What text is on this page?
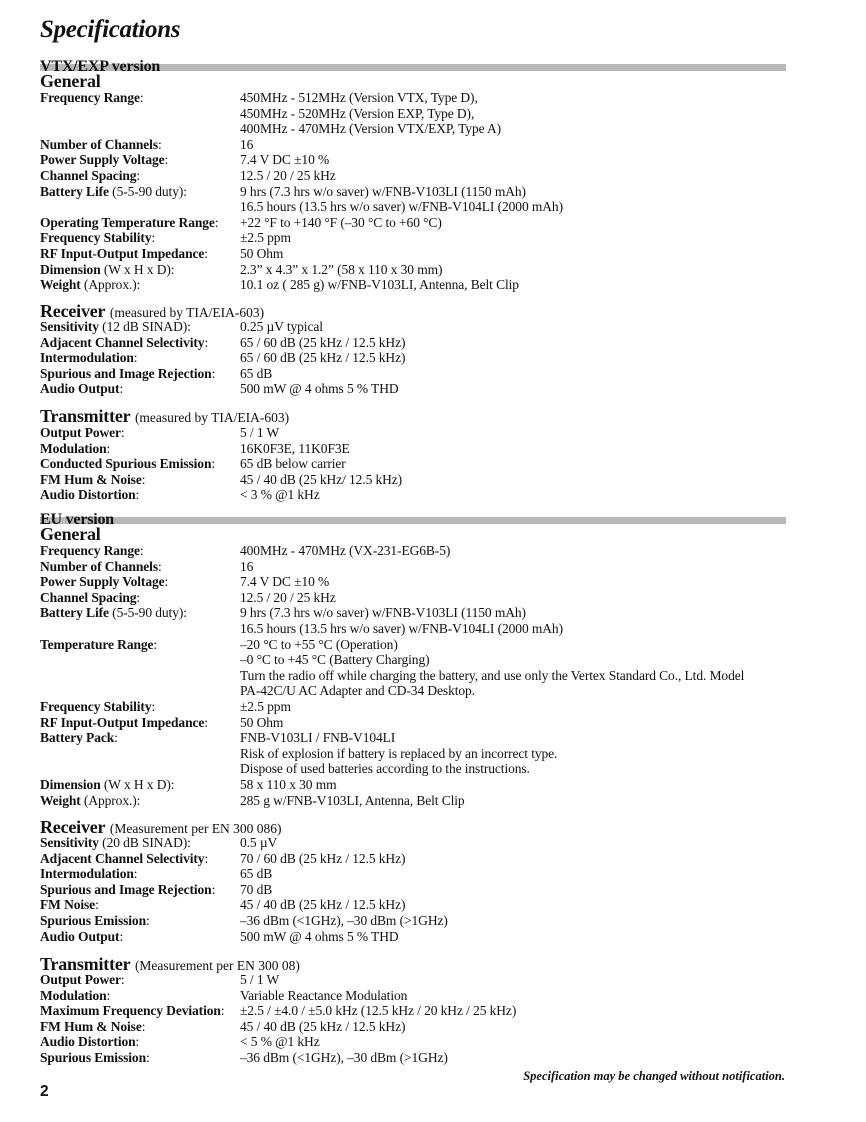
Specifications
VTX/EXP version
General
Frequency Range:	450MHz - 512MHz (Version VTX, Type D),
450MHz - 520MHz (Version EXP, Type D),
400MHz - 470MHz (Version VTX/EXP, Type A)
Number of Channels:	16
Power Supply Voltage:	7.4 V DC ±10 %
Channel Spacing:	12.5 / 20 / 25 kHz
Battery Life (5-5-90 duty):	9 hrs (7.3 hrs w/o saver) w/FNB-V103LI (1150 mAh)
16.5 hours (13.5 hrs w/o saver) w/FNB-V104LI (2000 mAh)
Operating Temperature Range:	+22 °F to +140 °F (–30 °C to +60 °C)
Frequency Stability:	±2.5 ppm
RF Input-Output Impedance:	50 Ohm
Dimension (W x H x D):	2.3” x 4.3” x 1.2” (58 x 110 x 30 mm)
Weight (Approx.):	10.1 oz ( 285 g) w/FNB-V103LI, Antenna, Belt Clip
Receiver (measured by TIA/EIA-603)
Sensitivity (12 dB SINAD):	0.25 µV typical
Adjacent Channel Selectivity:	65 / 60 dB (25 kHz / 12.5 kHz)
Intermodulation:	65 / 60 dB (25 kHz / 12.5 kHz)
Spurious and Image Rejection:	65 dB
Audio Output:	500 mW @ 4 ohms 5 % THD
Transmitter (measured by TIA/EIA-603)
Output Power:	5 / 1 W
Modulation:	16K0F3E, 11K0F3E
Conducted Spurious Emission:	65 dB below carrier
FM Hum & Noise:	45 / 40 dB (25 kHz/ 12.5 kHz)
Audio Distortion:	< 3 % @1 kHz
EU version
General
Frequency Range:	400MHz - 470MHz (VX-231-EG6B-5)
Number of Channels:	16
Power Supply Voltage:	7.4 V DC ±10 %
Channel Spacing:	12.5 / 20 / 25 kHz
Battery Life (5-5-90 duty):	9 hrs (7.3 hrs w/o saver) w/FNB-V103LI (1150 mAh)
16.5 hours (13.5 hrs w/o saver) w/FNB-V104LI (2000 mAh)
Temperature Range:	–20 °C to +55 °C (Operation)
–0 °C to +45 °C (Battery Charging)
Turn the radio off while charging the battery, and use only the Vertex Standard Co., Ltd. Model
PA-42C/U AC Adapter and CD-34 Desktop.
Frequency Stability:	±2.5 ppm
RF Input-Output Impedance:	50 Ohm
Battery Pack:	FNB-V103LI / FNB-V104LI
Risk of explosion if battery is replaced by an incorrect type.
Dispose of used batteries according to the instructions.
Dimension (W x H x D):	58 x 110 x 30 mm
Weight (Approx.):	285 g w/FNB-V103LI, Antenna, Belt Clip
Receiver (Measurement per EN 300 086)
Sensitivity (20 dB SINAD):	0.5 µV
Adjacent Channel Selectivity:	70 / 60 dB (25 kHz / 12.5 kHz)
Intermodulation:	65 dB
Spurious and Image Rejection:	70 dB
FM Noise:	45 / 40 dB (25 kHz / 12.5 kHz)
Spurious Emission:	–36 dBm (<1GHz), –30 dBm (>1GHz)
Audio Output:	500 mW @ 4 ohms 5 % THD
Transmitter (Measurement per EN 300 08)
Output Power:	5 / 1 W
Modulation:	Variable Reactance Modulation
Maximum Frequency Deviation:	±2.5 / ±4.0 / ±5.0 kHz (12.5 kHz / 20 kHz / 25 kHz)
FM Hum & Noise:	45 / 40 dB (25 kHz / 12.5 kHz)
Audio Distortion:	< 5 % @1 kHz
Spurious Emission:	–36 dBm (<1GHz), –30 dBm (>1GHz)
Specification may be changed without notification.
2
